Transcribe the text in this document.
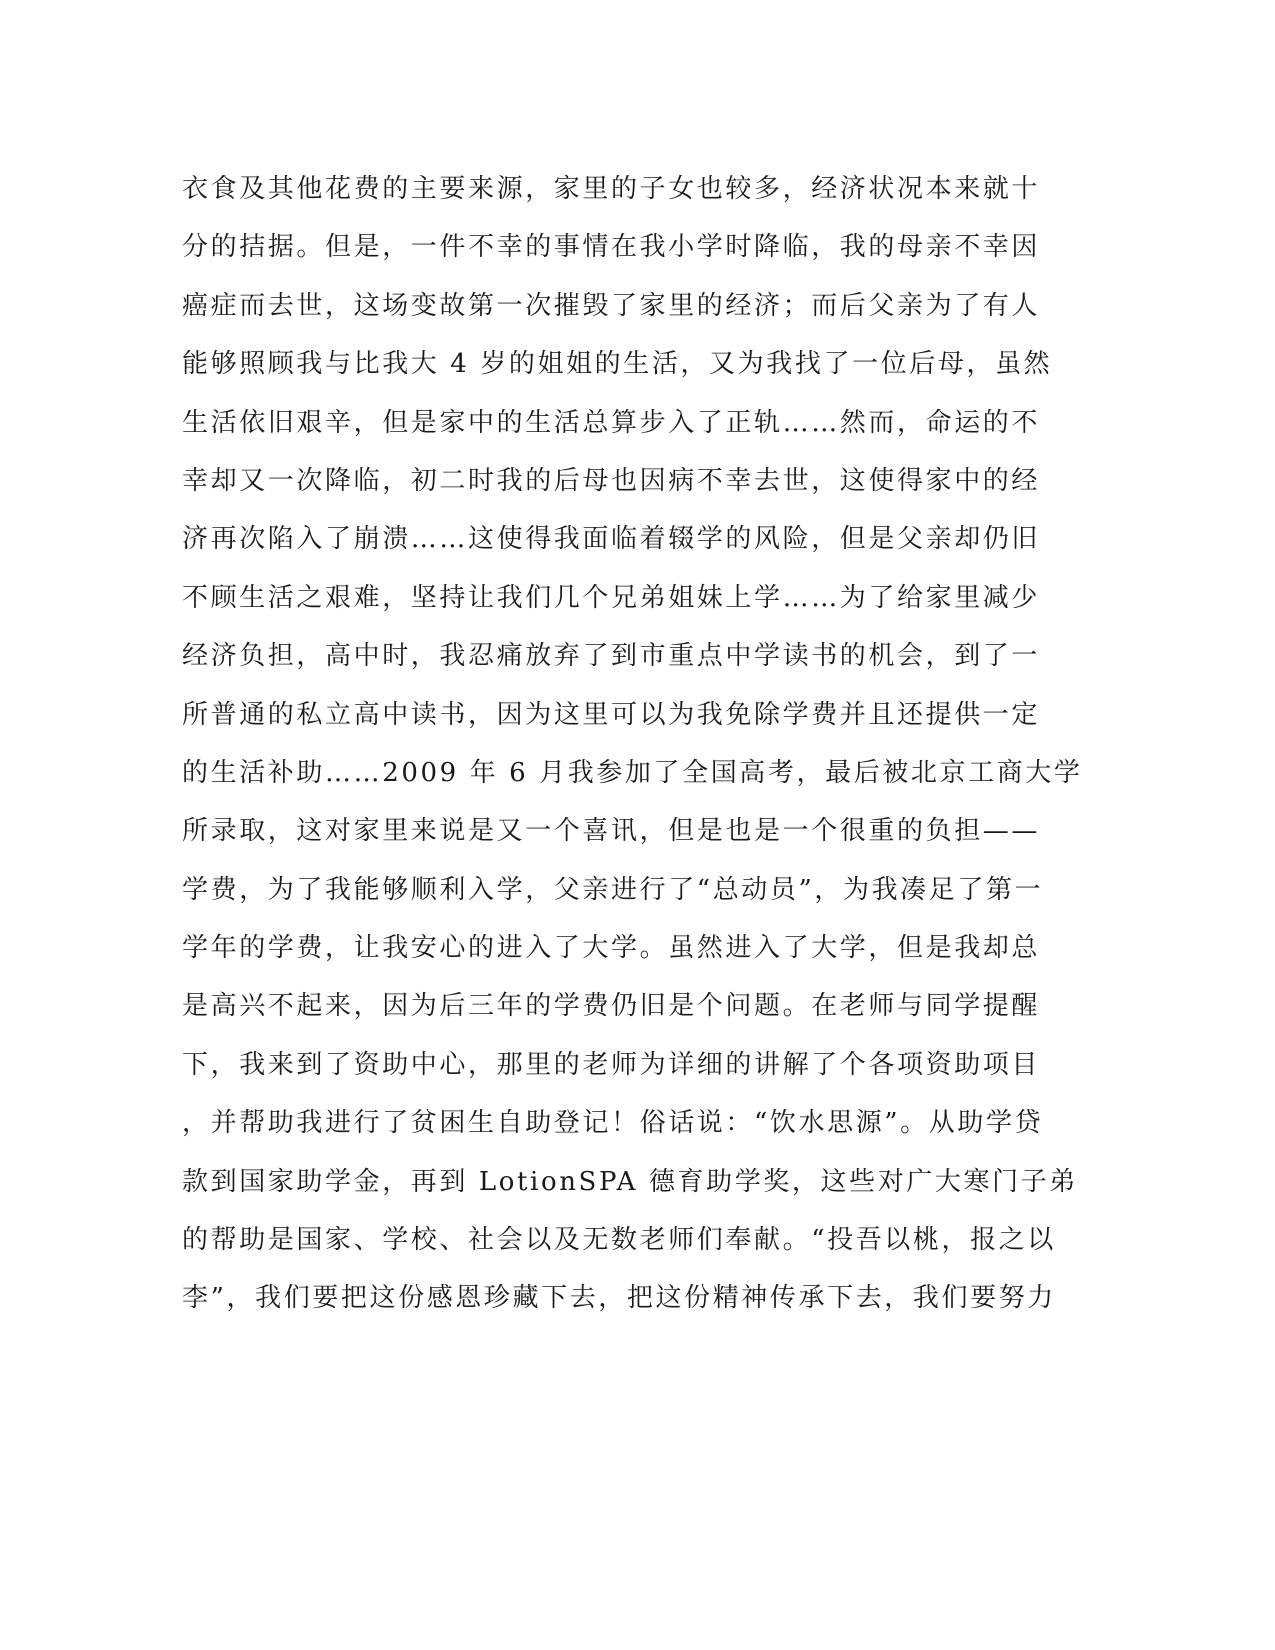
衣食及其他花费的主要来源，家里的子女也较多，经济状况本来就十
分的拮据。但是，一件不幸的事情在我小学时降临，我的母亲不幸因
癌症而去世，这场变故第一次摧毁了家里的经济；而后父亲为了有人
能够照顾我与比我大 4 岁的姐姐的生活，又为我找了一位后母，虽然
生活依旧艰辛，但是家中的生活总算步入了正轨……然而，命运的不
幸却又一次降临，初二时我的后母也因病不幸去世，这使得家中的经
济再次陷入了崩溃……这使得我面临着辍学的风险，但是父亲却仍旧
不顾生活之艰难，坚持让我们几个兄弟姐妹上学……为了给家里减少
经济负担，高中时，我忍痛放弃了到市重点中学读书的机会，到了一
所普通的私立高中读书，因为这里可以为我免除学费并且还提供一定
的生活补助……2009 年 6 月我参加了全国高考，最后被北京工商大学
所录取，这对家里来说是又一个喜讯，但是也是一个很重的负担——
学费，为了我能够顺利入学，父亲进行了“总动员”，为我凑足了第一
学年的学费，让我安心的进入了大学。虽然进入了大学，但是我却总
是高兴不起来，因为后三年的学费仍旧是个问题。在老师与同学提醒
下，我来到了资助中心，那里的老师为详细的讲解了个各项资助项目
，并帮助我进行了贫困生自助登记！俗话说：“饮水思源”。从助学贷
款到国家助学金，再到 LotionSPA 德育助学奖，这些对广大寒门子弟
的帮助是国家、学校、社会以及无数老师们奉献。“投吾以桃，报之以
李”，我们要把这份感恩珍藏下去，把这份精神传承下去，我们要努力
